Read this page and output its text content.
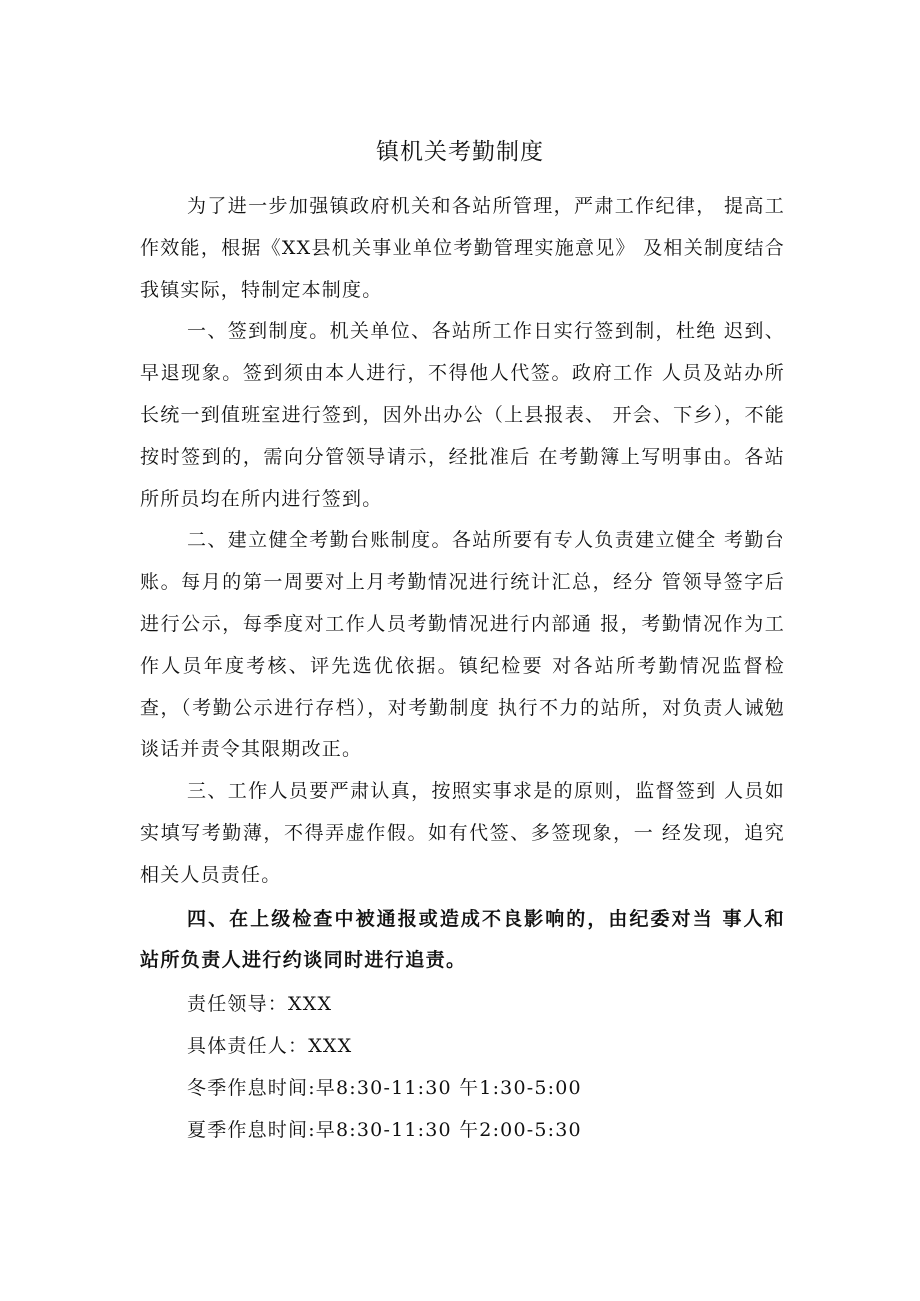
镇机关考勤制度

为了进一步加强镇政府机关和各站所管理，严肃工作纪律， 提高工作效能，根据《XX县机关事业单位考勤管理实施意见》 及相关制度结合我镇实际，特制定本制度。

一、签到制度。机关单位、各站所工作日实行签到制，杜绝 迟到、早退现象。签到须由本人进行，不得他人代签。政府工作 人员及站办所长统一到值班室进行签到，因外出办公（上县报表、 开会、下乡），不能按时签到的，需向分管领导请示，经批准后 在考勤簿上写明事由。各站所所员均在所内进行签到。

二、建立健全考勤台账制度。各站所要有专人负责建立健全 考勤台账。每月的第一周要对上月考勤情况进行统计汇总，经分 管领导签字后进行公示，每季度对工作人员考勤情况进行内部通 报，考勤情况作为工作人员年度考核、评先选优依据。镇纪检要 对各站所考勤情况监督检查，（考勤公示进行存档），对考勤制度 执行不力的站所，对负责人诫勉谈话并责令其限期改正。

三、工作人员要严肃认真，按照实事求是的原则，监督签到 人员如实填写考勤薄，不得弄虚作假。如有代签、多签现象，一 经发现，追究相关人员责任。

四、在上级检查中被通报或造成不良影响的，由纪委对当 事人和站所负责人进行约谈同时进行追责。

责任领导：XXX

具体责任人：XXX

冬季作息时间:早8:30-11:30 午1:30-5:00

夏季作息时间:早8:30-11:30 午2:00-5:30
